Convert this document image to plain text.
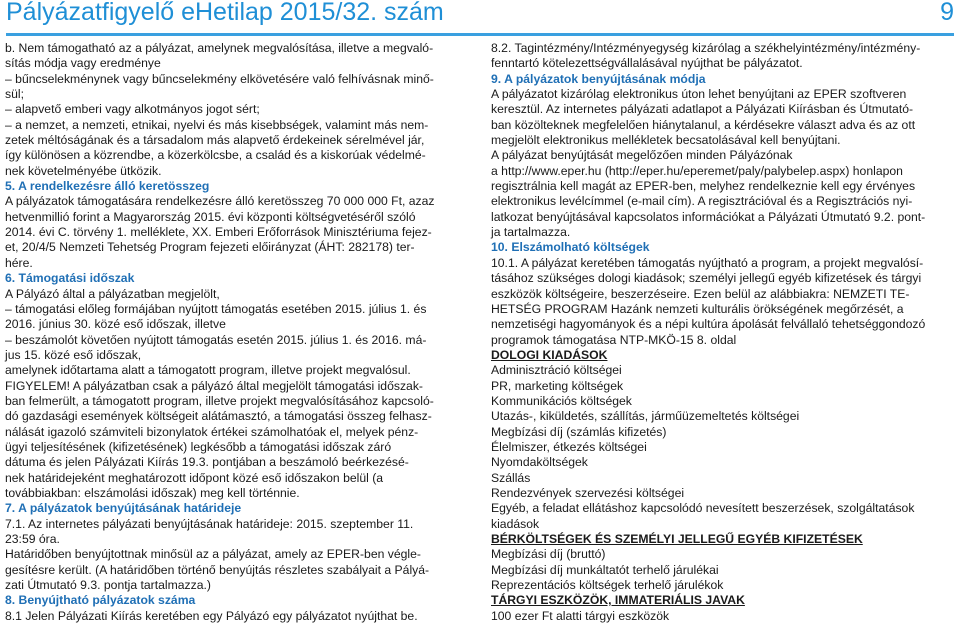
Pályázatfigyelő eHetilap 2015/32. szám	9

b. Nem támogatható az a pályázat, amelynek megvalósítása, illetve a megvaló-

sítás módja vagy eredménye

– bűncselekménynek vagy bűncselekmény elkövetésére való felhívásnak minő-

sül;

– alapvető emberi vagy alkotmányos jogot sért;

– a nemzet, a nemzeti, etnikai, nyelvi és más kisebbségek, valamint más nem-

zetek méltóságának és a társadalom más alapvető érdekeinek sérelmével jár,

így különösen a közrendbe, a közerkölcsbe, a család és a kiskorúak védelmé-

nek követelményébe ütközik.

5. A rendelkezésre álló keretösszeg

A pályázatok támogatására rendelkezésre álló keretösszeg 70 000 000 Ft, azaz

hetvenmillió forint a Magyarország 2015. évi központi költségvetéséről szóló

2014. évi C. törvény 1. melléklete, XX. Emberi Erőforrások Minisztériuma fejez-

et, 20/4/5 Nemzeti Tehetség Program fejezeti előirányzat (ÁHT: 282178) ter-

hére.

6. Támogatási időszak

A Pályázó által a pályázatban megjelölt,

– támogatási előleg formájában nyújtott támogatás esetében 2015. július 1. és

2016. június 30. közé eső időszak, illetve

– beszámolót követően nyújtott támogatás esetén 2015. július 1. és 2016. má-

jus 15. közé eső időszak,

amelynek időtartama alatt a támogatott program, illetve projekt megvalósul.

FIGYELEM! A pályázatban csak a pályázó által megjelölt támogatási időszak-

ban felmerült, a támogatott program, illetve projekt megvalósításához kapcsoló-

dó gazdasági események költségeit alátámasztó, a támogatási összeg felhasz-

nálását igazoló számviteli bizonylatok értékei számolhatóak el, melyek pénz-

ügyi teljesítésének (kifizetésének) legkésőbb a támogatási időszak záró

dátuma és jelen Pályázati Kiírás 19.3. pontjában a beszámoló beérkezésé-

nek határidejeként meghatározott időpont közé eső időszakon belül (a

továbbiakban: elszámolási időszak) meg kell történnie.

7. A pályázatok benyújtásának határideje

7.1. Az internetes pályázati benyújtásának határideje: 2015. szeptember 11.

23:59 óra.

Határidőben benyújtottnak minősül az a pályázat, amely az EPER-ben végle-

gesítésre került. (A határidőben történő benyújtás részletes szabályait a Pályá-

zati Útmutató 9.3. pontja tartalmazza.)

8. Benyújtható pályázatok száma

8.1 Jelen Pályázati Kiírás keretében egy Pályázó egy pályázatot nyújthat be.

8.2. Tagintézmény/Intézményegység kizárólag a székhelyintézmény/intézmény-

fenntartó kötelezettségvállalásával nyújthat be pályázatot.

9. A pályázatok benyújtásának módja

A pályázatot kizárólag elektronikus úton lehet benyújtani az EPER szoftveren

keresztül. Az internetes pályázati adatlapot a Pályázati Kiírásban és Útmutató-

ban közölteknek megfelelően hiánytalanul, a kérdésekre választ adva és az ott

megjelölt elektronikus mellékletek becsatolásával kell benyújtani.

A pályázat benyújtását megelőzően minden Pályázónak

a http://www.eper.hu (http://eper.hu/eperemet/paly/palybelep.aspx) honlapon

regisztrálnia kell magát az EPER-ben, melyhez rendelkeznie kell egy érvényes

elektronikus levélcímmel (e-mail cím). A regisztrációval és a Regisztrációs nyi-

latkozat benyújtásával kapcsolatos információkat a Pályázati Útmutató 9.2. pont-

ja tartalmazza.

10. Elszámolható költségek

10.1. A pályázat keretében támogatás nyújtható a program, a projekt megvalósí-

tásához szükséges dologi kiadások; személyi jellegű egyéb kifizetések és tárgyi

eszközök költségeire, beszerzéseire. Ezen belül az alábbiakra: NEMZETI TE-

HETSÉG PROGRAM Hazánk nemzeti kulturális örökségének megőrzését, a

nemzetiségi hagyományok és a népi kultúra ápolását felvállaló tehetséggondozó

programok támogatása NTP-MKÖ-15 8. oldal

DOLOGI KIADÁSOK

Adminisztráció költségei

PR, marketing költségek

Kommunikációs költségek

Utazás-, kiküldetés, szállítás, járműüzemeltetés költségei

Megbízási díj (számlás kifizetés)

Élelmiszer, étkezés költségei

Nyomdaköltségek

Szállás

Rendezvények szervezési költségei

Egyéb, a feladat ellátáshoz kapcsolódó nevesített beszerzések, szolgáltatások

kiadások

BÉRKÖLTSÉGEK ÉS SZEMÉLYI JELLEGŰ EGYÉB KIFIZETÉSEK

Megbízási díj (bruttó)

Megbízási díj munkáltatót terhelő járulékai

Reprezentációs költségek terhelő járulékok

TÁRGYI ESZKÖZÖK, IMMATERIÁLIS JAVAK

100 ezer Ft alatti tárgyi eszközök
